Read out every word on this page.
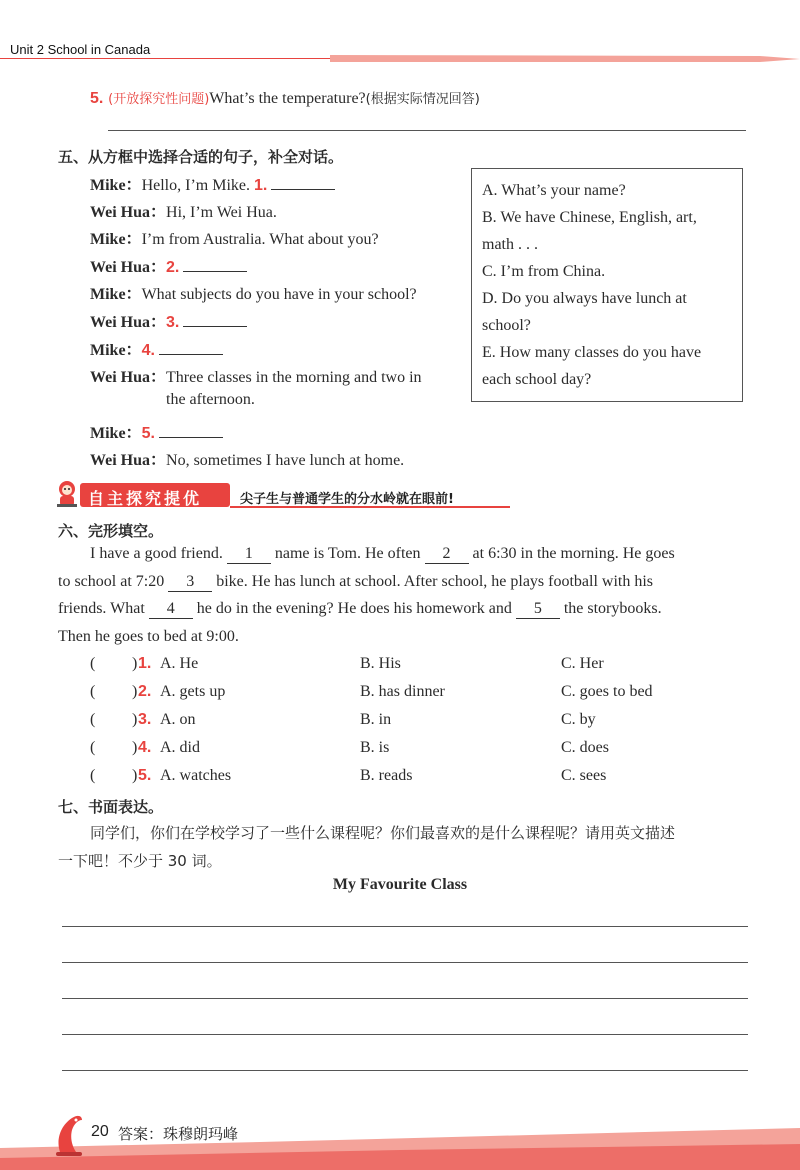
Unit 2 School in Canada
5. (开放探究性问题)What’s the temperature?(根据实际情况回答)
五、从方框中选择合适的句子，补全对话。
Mike：Hello, I’m Mike. 1.
Wei Hua：Hi, I’m Wei Hua.
Mike：I’m from Australia. What about you?
Wei Hua：2.
Mike：What subjects do you have in your school?
Wei Hua：3.
Mike：4.
Wei Hua：Three classes in the morning and two in
the afternoon.
Mike：5.
Wei Hua：No, sometimes I have lunch at home.
A. What’s your name?
B. We have Chinese, English, art,
math . . .
C. I’m from China.
D. Do you always have lunch at
school?
E. How many classes do you have
each school day?
自主探究提优	尖子生与普通学生的分水岭就在眼前!
六、完形填空。
I have a good friend. 1 name is Tom. He often 2 at 6:30 in the morning. He goes
to school at 7:20 3 bike. He has lunch at school. After school, he plays football with his
friends. What 4 he do in the evening? He does his homework and 5 the storybooks.
Then he goes to bed at 9:00.
( ) 1. A. He	B. His	C. Her
( ) 2. A. gets up	B. has dinner	C. goes to bed
( ) 3. A. on	B. in	C. by
( ) 4. A. did	B. is	C. does
( ) 5. A. watches	B. reads	C. sees
七、书面表达。
同学们，你们在学校学习了一些什么课程呢？你们最喜欢的是什么课程呢？请用英文描述
一下吧！不少于 30 词。
My Favourite Class
20 答案：珠穆朗玛峰
